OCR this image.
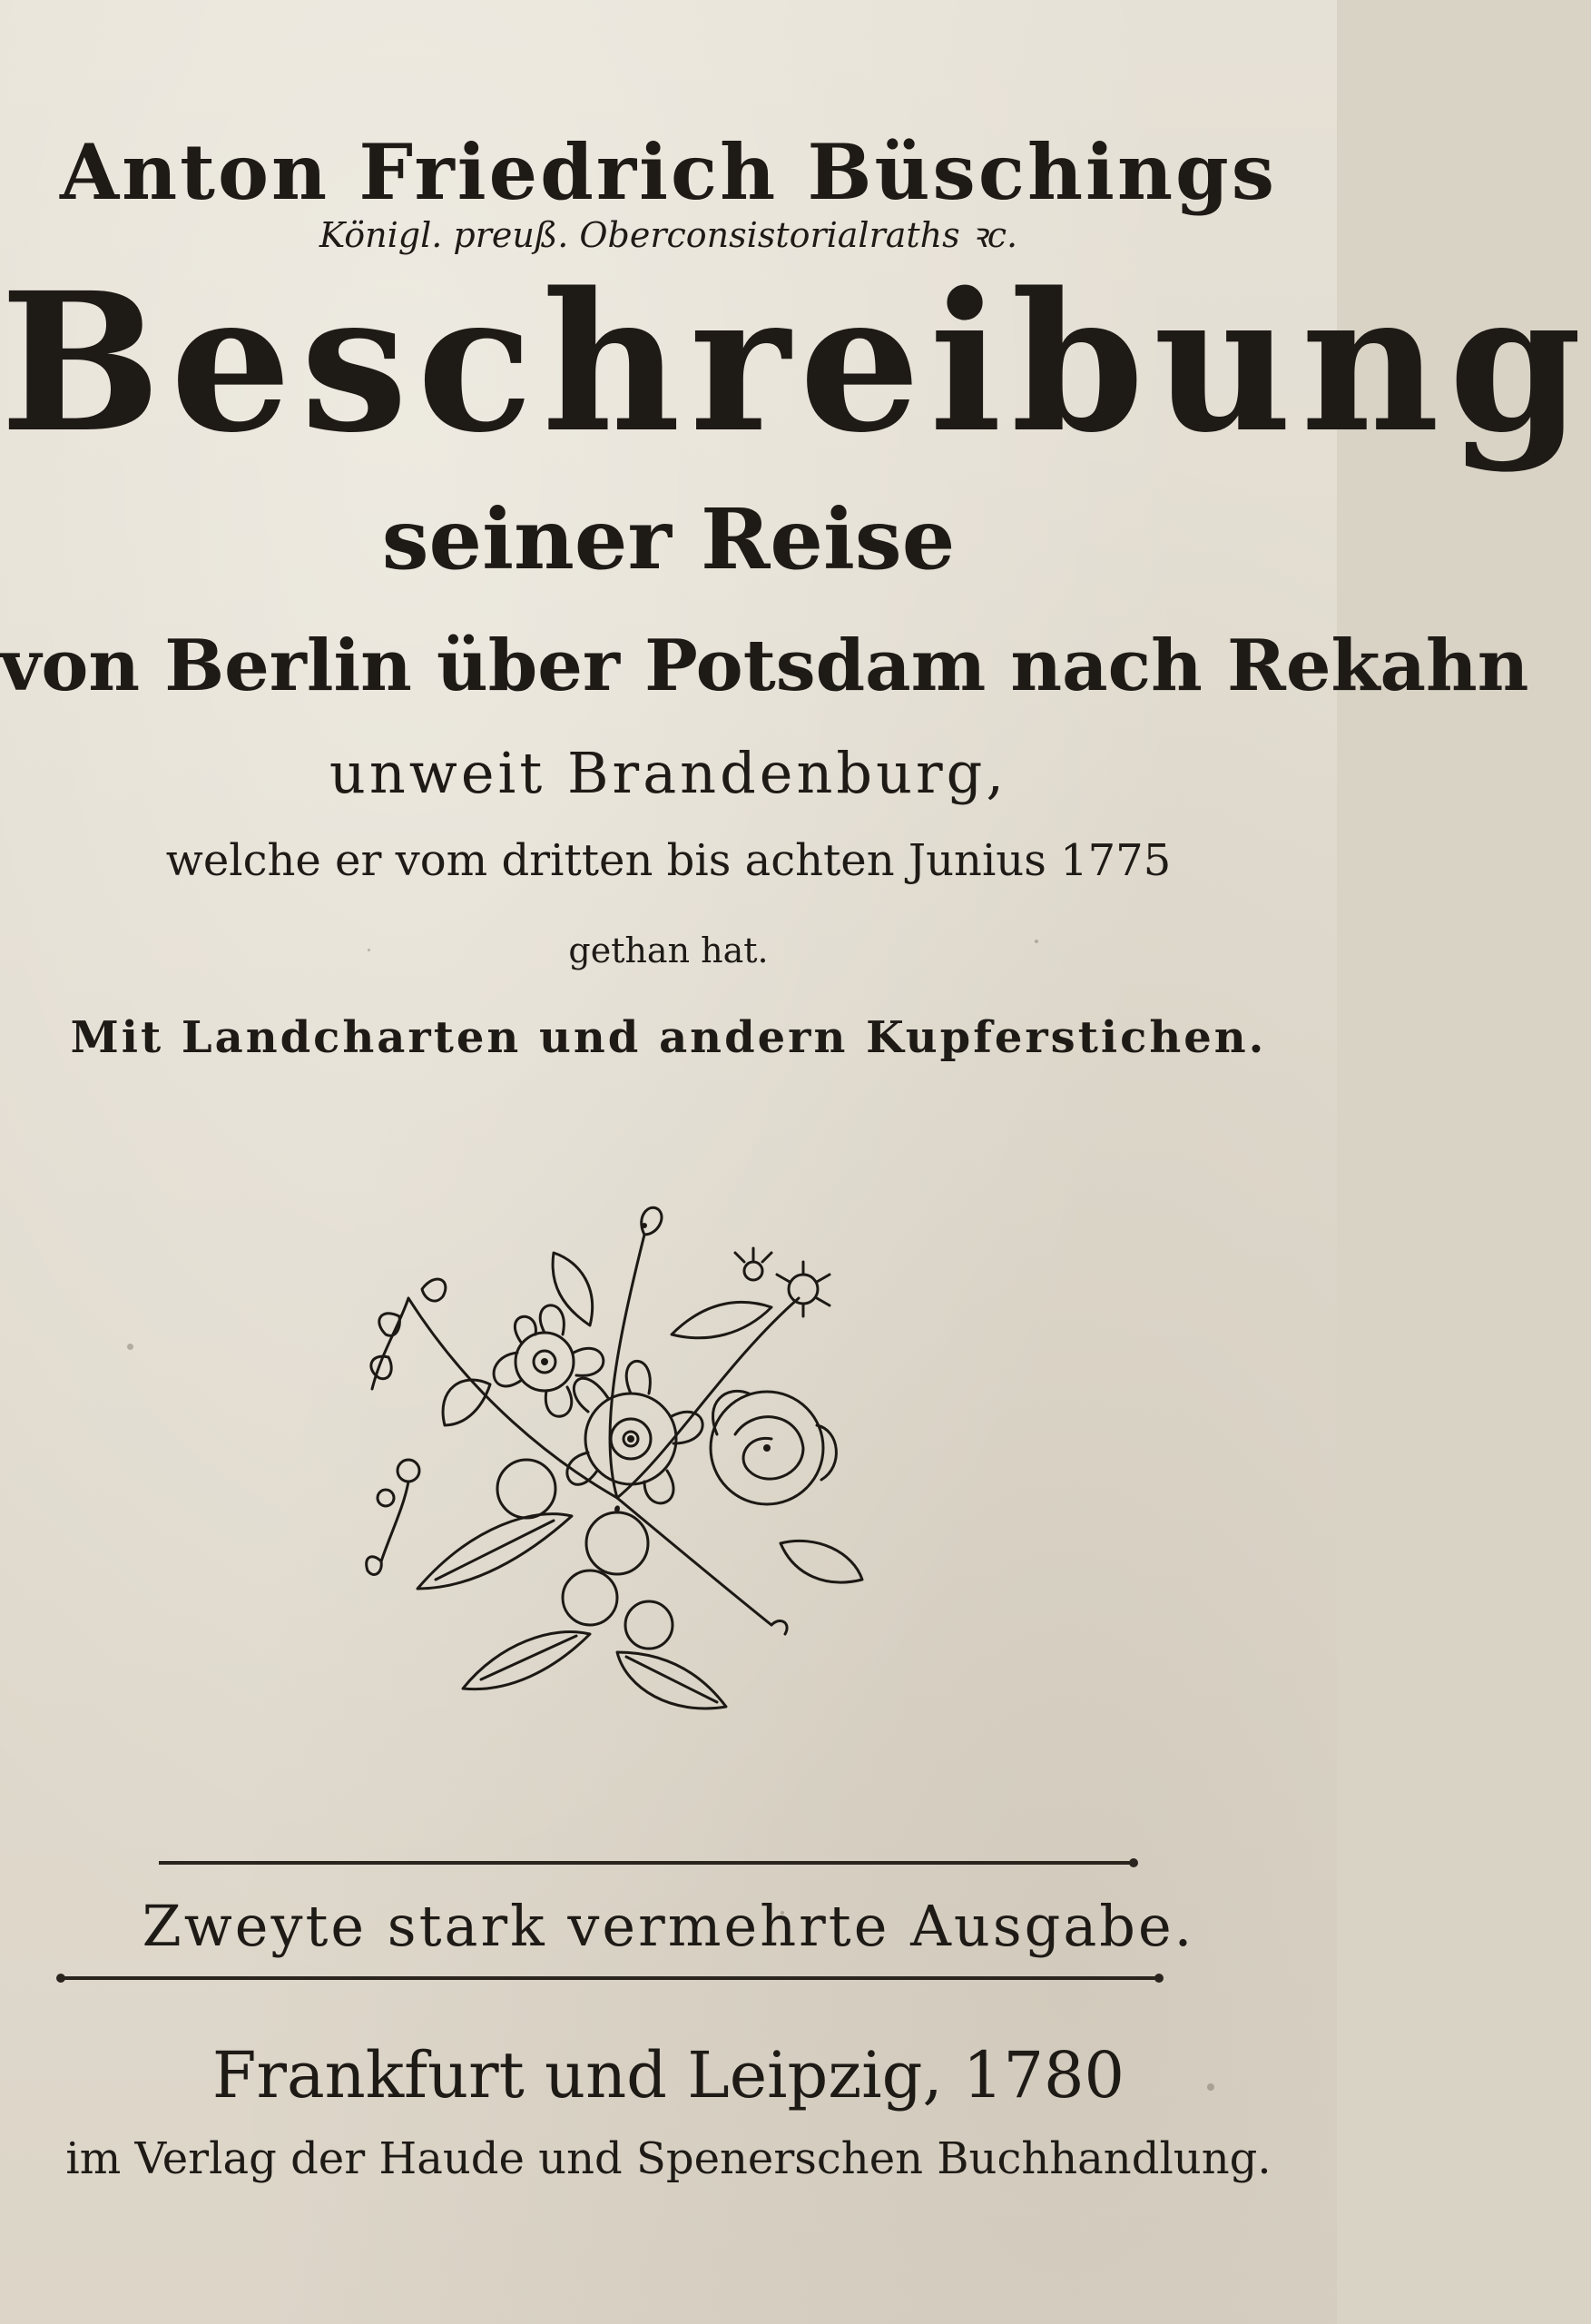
Anton Friedrich Büschings
Königl. preuß. Oberconsistorialraths ꝛc.
Beschreibung
seiner Reise
von Berlin über Potsdam nach Rekahn
unweit Brandenburg,
welche er vom dritten bis achten Junius 1775
gethan hat.
Mit Landcharten und andern Kupferstichen.
Zweyte stark vermehrte Ausgabe.
Frankfurt und Leipzig, 1780
im Verlag der Haude und Spenerschen Buchhandlung.
